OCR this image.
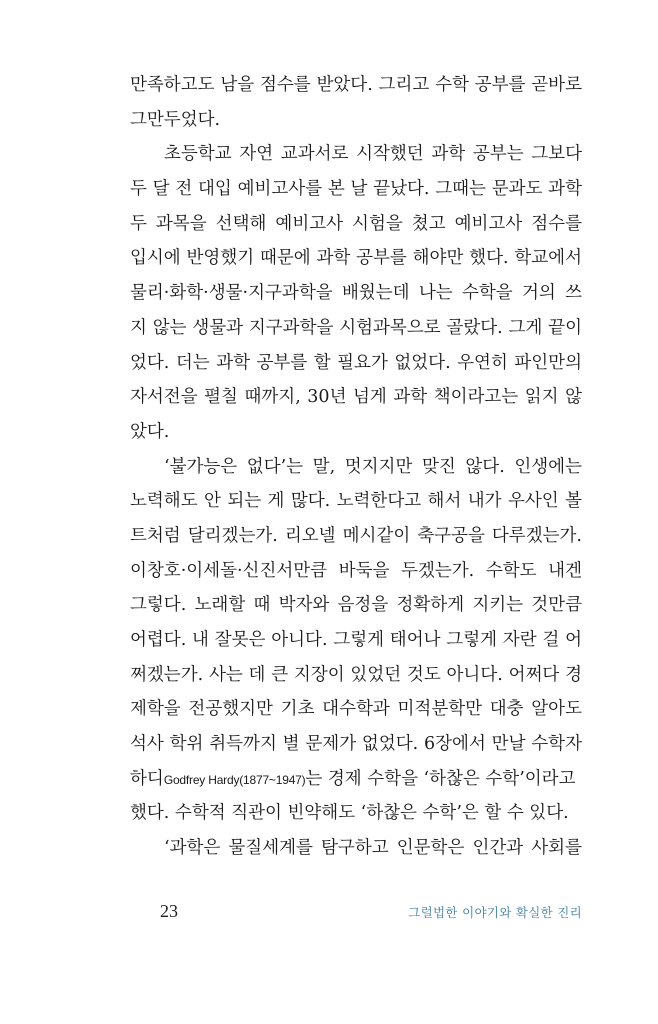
만족하고도 남을 점수를 받았다. 그리고 수학 공부를 곧바로
그만두었다.
초등학교 자연 교과서로 시작했던 과학 공부는 그보다
두 달 전 대입 예비고사를 본 날 끝났다. 그때는 문과도 과학
두 과목을 선택해 예비고사 시험을 쳤고 예비고사 점수를
입시에 반영했기 때문에 과학 공부를 해야만 했다. 학교에서
물리·화학·생물·지구과학을 배웠는데 나는 수학을 거의 쓰
지 않는 생물과 지구과학을 시험과목으로 골랐다. 그게 끝이
었다. 더는 과학 공부를 할 필요가 없었다. 우연히 파인만의
자서전을 펼칠 때까지, 30년 넘게 과학 책이라고는 읽지 않
았다.
‘불가능은 없다’는 말, 멋지지만 맞진 않다. 인생에는
노력해도 안 되는 게 많다. 노력한다고 해서 내가 우사인 볼
트처럼 달리겠는가. 리오넬 메시같이 축구공을 다루겠는가.
이창호·이세돌·신진서만큼 바둑을 두겠는가. 수학도 내겐
그렇다. 노래할 때 박자와 음정을 정확하게 지키는 것만큼
어렵다. 내 잘못은 아니다. 그렇게 태어나 그렇게 자란 걸 어
쩌겠는가. 사는 데 큰 지장이 있었던 것도 아니다. 어쩌다 경
제학을 전공했지만 기초 대수학과 미적분학만 대충 알아도
석사 학위 취득까지 별 문제가 없었다. 6장에서 만날 수학자
하디Godfrey Hardy(1877~1947)는 경제 수학을 ‘하찮은 수학’이라고
했다. 수학적 직관이 빈약해도 ‘하찮은 수학’은 할 수 있다.
‘과학은 물질세계를 탐구하고 인문학은 인간과 사회를
23	그럴법한 이야기와 확실한 진리
